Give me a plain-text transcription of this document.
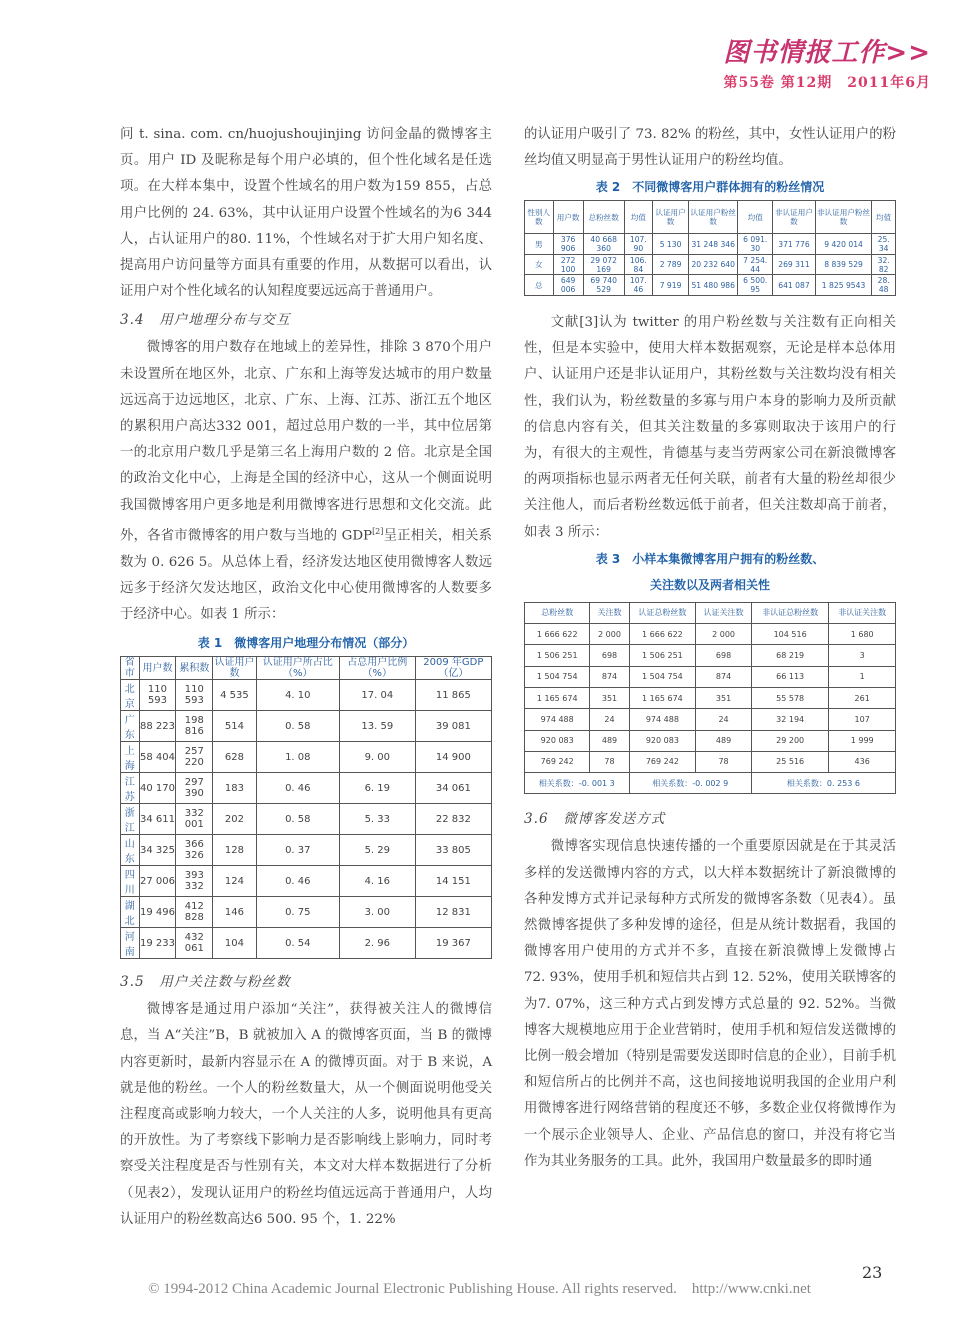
图书情报工作>>
第55卷 第12期　2011年6月

问 t. sina. com. cn/huojushoujinjing 访问金晶的微博客主页。用户 ID 及昵称是每个用户必填的，但个性化域名是任选项。在大样本集中，设置个性域名的用户数为159 855，占总用户比例的 24. 63%，其中认证用户设置个性域名的为6 344 人，占认证用户的80. 11%，个性域名对于扩大用户知名度、提高用户访问量等方面具有重要的作用，从数据可以看出，认证用户对个性化域名的认知程度要远远高于普通用户。

3.4　用户地理分布与交互

微博客的用户数存在地域上的差异性，排除 3 870个用户未设置所在地区外，北京、广东和上海等发达城市的用户数量远远高于边远地区，北京、广东、上海、江苏、浙江五个地区的累积用户高达332 001，超过总用户数的一半，其中位居第一的北京用户数几乎是第三名上海用户数的 2 倍。北京是全国的政治文化中心，上海是全国的经济中心，这从一个侧面说明我国微博客用户更多地是利用微博客进行思想和文化交流。此外，各省市微博客的用户数与当地的 GDP[2]呈正相关，相关系数为 0. 626 5。从总体上看，经济发达地区使用微博客人数远远多于经济欠发达地区，政治文化中心使用微博客的人数要多于经济中心。如表 1 所示：

表 1　微博客用户地理分布情况（部分）
省市	用户数	累积数	认证用户数	认证用户所占比（%）	占总用户比例（%）	2009 年GDP（亿）
北京	110 593	110 593	4 535	4. 10	17. 04	11 865
广东	88 223	198 816	514	0. 58	13. 59	39 081
上海	58 404	257 220	628	1. 08	9. 00	14 900
江苏	40 170	297 390	183	0. 46	6. 19	34 061
浙江	34 611	332 001	202	0. 58	5. 33	22 832
山东	34 325	366 326	128	0. 37	5. 29	33 805
四川	27 006	393 332	124	0. 46	4. 16	14 151
湖北	19 496	412 828	146	0. 75	3. 00	12 831
河南	19 233	432 061	104	0. 54	2. 96	19 367
3.5　用户关注数与粉丝数

微博客是通过用户添加“关注”，获得被关注人的微博信息，当 A“关注”B，B 就被加入 A 的微博客页面，当 B 的微博内容更新时，最新内容显示在 A 的微博页面。对于 B 来说，A 就是他的粉丝。一个人的粉丝数量大，从一个侧面说明他受关注程度高或影响力较大，一个人关注的人多，说明他具有更高的开放性。为了考察线下影响力是否影响线上影响力，同时考察受关注程度是否与性别有关，本文对大样本数据进行了分析（见表2），发现认证用户的粉丝均值远远高于普通用户，人均认证用户的粉丝数高达6 500. 95 个，1. 22%

的认证用户吸引了 73. 82% 的粉丝，其中，女性认证用户的粉丝均值又明显高于男性认证用户的粉丝均值。

表 2　不同微博客用户群体拥有的粉丝情况
性别人数	用户数	总粉丝数	均值	认证用户数	认证用户粉丝数	均值	非认证用户数	非认证用户粉丝数	均值
男	376 906	40 668 360	107. 90	5 130	31 248 346	6 091. 30	371 776	9 420 014	25. 34
女	272 100	29 072 169	106. 84	2 789	20 232 640	7 254. 44	269 311	8 839 529	32. 82
总	649 006	69 740 529	107. 46	7 919	51 480 986	6 500. 95	641 087	1 825 9543	28. 48

文献[3]认为 twitter 的用户粉丝数与关注数有正向相关性，但是本实验中，使用大样本数据观察，无论是样本总体用户、认证用户还是非认证用户，其粉丝数与关注数均没有相关性，我们认为，粉丝数量的多寡与用户本身的影响力及所贡献的信息内容有关，但其关注数量的多寡则取决于该用户的行为，有很大的主观性，肯德基与麦当劳两家公司在新浪微博客的两项指标也显示两者无任何关联，前者有大量的粉丝却很少关注他人，而后者粉丝数远低于前者，但关注数却高于前者，如表 3 所示：

表 3　小样本集微博客用户拥有的粉丝数、
关注数以及两者相关性
总粉丝数	关注数	认证总粉丝数	认证关注数	非认证总粉丝数	非认证关注数
1 666 622	2 000	1 666 622	2 000	104 516	1 680
1 506 251	698	1 506 251	698	68 219	3
1 504 754	874	1 504 754	874	66 113	1
1 165 674	351	1 165 674	351	55 578	261
974 488	24	974 488	24	32 194	107
920 083	489	920 083	489	29 200	1 999
769 242	78	769 242	78	25 516	436
相关系数：-0. 001 3		相关系数：-0. 002 9		相关系数：0. 253 6	
3.6　微博客发送方式

微博客实现信息快速传播的一个重要原因就是在于其灵活多样的发送微博内容的方式，以大样本数据统计了新浪微博的各种发博方式并记录每种方式所发的微博客条数（见表4）。虽然微博客提供了多种发博的途径，但是从统计数据看，我国的微博客用户使用的方式并不多，直接在新浪微博上发微博占 72. 93%，使用手机和短信共占到 12. 52%，使用关联博客的为7. 07%，这三种方式占到发博方式总量的 92. 52%。当微博客大规模地应用于企业营销时，使用手机和短信发送微博的比例一般会增加（特别是需要发送即时信息的企业），目前手机和短信所占的比例并不高，这也间接地说明我国的企业用户利用微博客进行网络营销的程度还不够，多数企业仅将微博作为一个展示企业领导人、企业、产品信息的窗口，并没有将它当作为其业务服务的工具。此外，我国用户数量最多的即时通

23
© 1994-2012 China Academic Journal Electronic Publishing House. All rights reserved.　http://www.cnki.net
